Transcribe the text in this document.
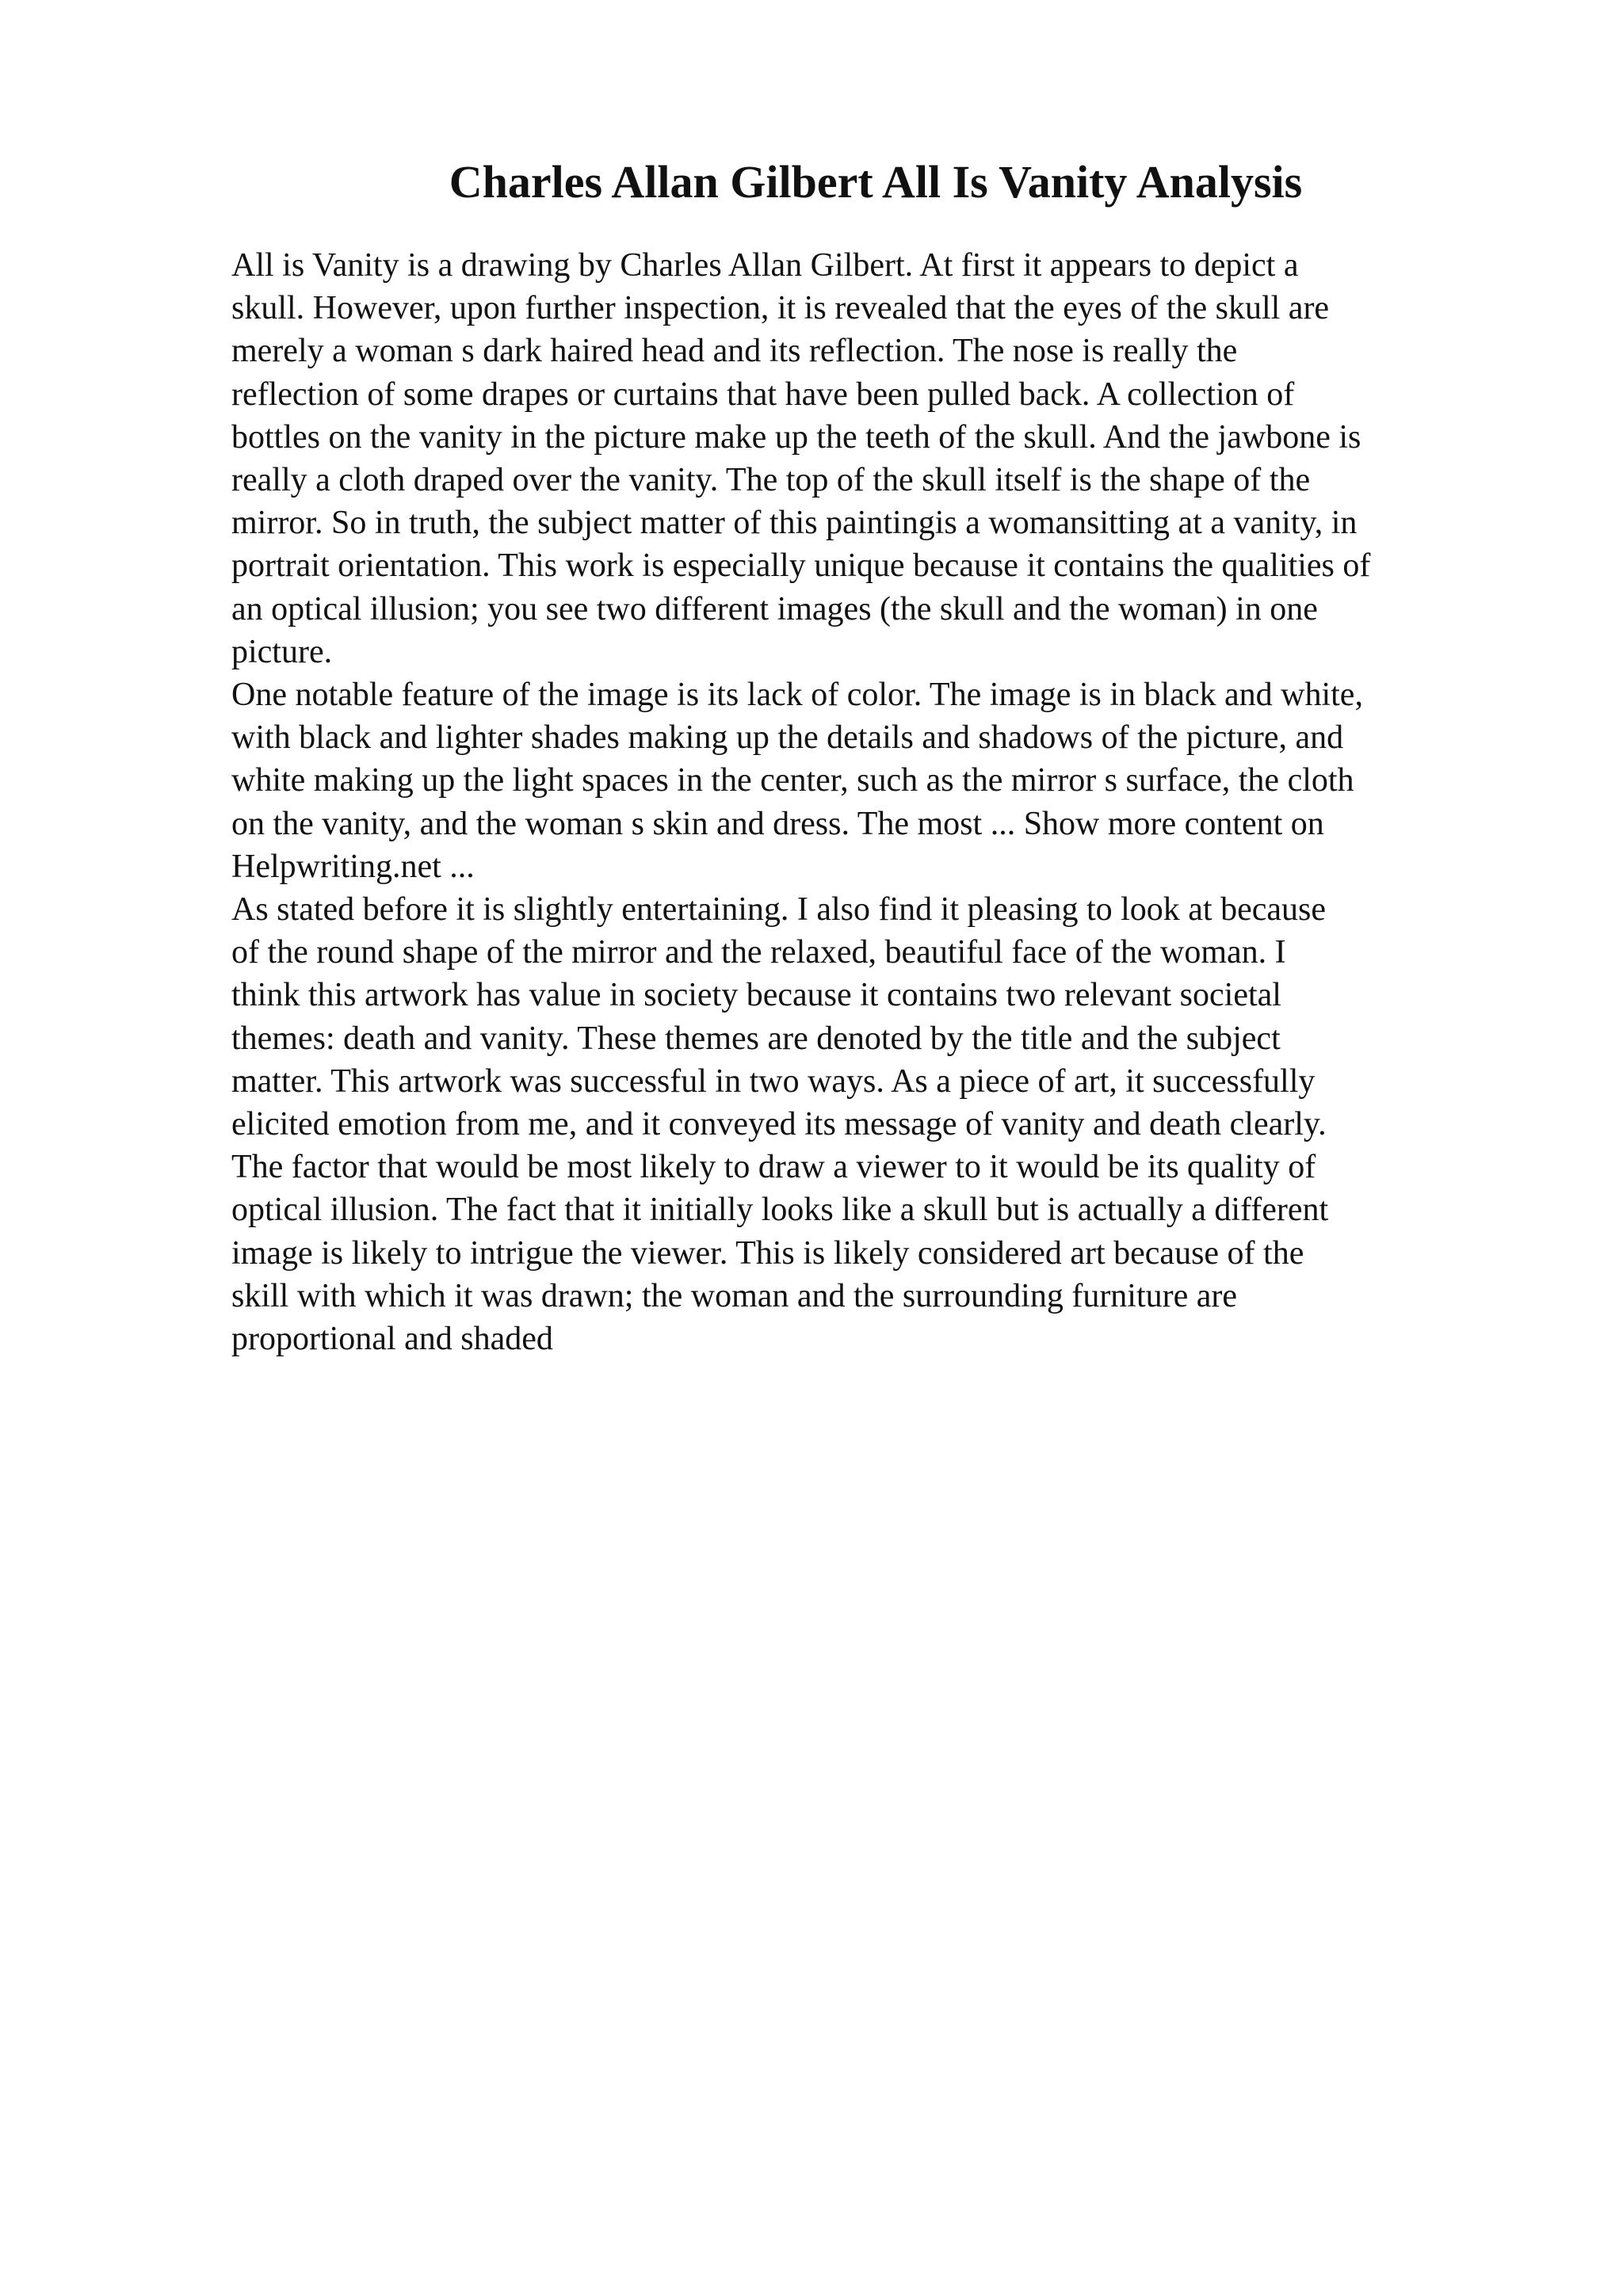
Charles Allan Gilbert All Is Vanity Analysis

All is Vanity is a drawing by Charles Allan Gilbert. At first it appears to depict a
skull. However, upon further inspection, it is revealed that the eyes of the skull are
merely a woman s dark haired head and its reflection. The nose is really the
reflection of some drapes or curtains that have been pulled back. A collection of
bottles on the vanity in the picture make up the teeth of the skull. And the jawbone is
really a cloth draped over the vanity. The top of the skull itself is the shape of the
mirror. So in truth, the subject matter of this paintingis a womansitting at a vanity, in
portrait orientation. This work is especially unique because it contains the qualities of
an optical illusion; you see two different images (the skull and the woman) in one
picture.

One notable feature of the image is its lack of color. The image is in black and white,
with black and lighter shades making up the details and shadows of the picture, and
white making up the light spaces in the center, such as the mirror s surface, the cloth
on the vanity, and the woman s skin and dress. The most ... Show more content on
Helpwriting.net ...

As stated before it is slightly entertaining. I also find it pleasing to look at because
of the round shape of the mirror and the relaxed, beautiful face of the woman. I
think this artwork has value in society because it contains two relevant societal
themes: death and vanity. These themes are denoted by the title and the subject
matter. This artwork was successful in two ways. As a piece of art, it successfully
elicited emotion from me, and it conveyed its message of vanity and death clearly.
The factor that would be most likely to draw a viewer to it would be its quality of
optical illusion. The fact that it initially looks like a skull but is actually a different
image is likely to intrigue the viewer. This is likely considered art because of the
skill with which it was drawn; the woman and the surrounding furniture are
proportional and shaded
